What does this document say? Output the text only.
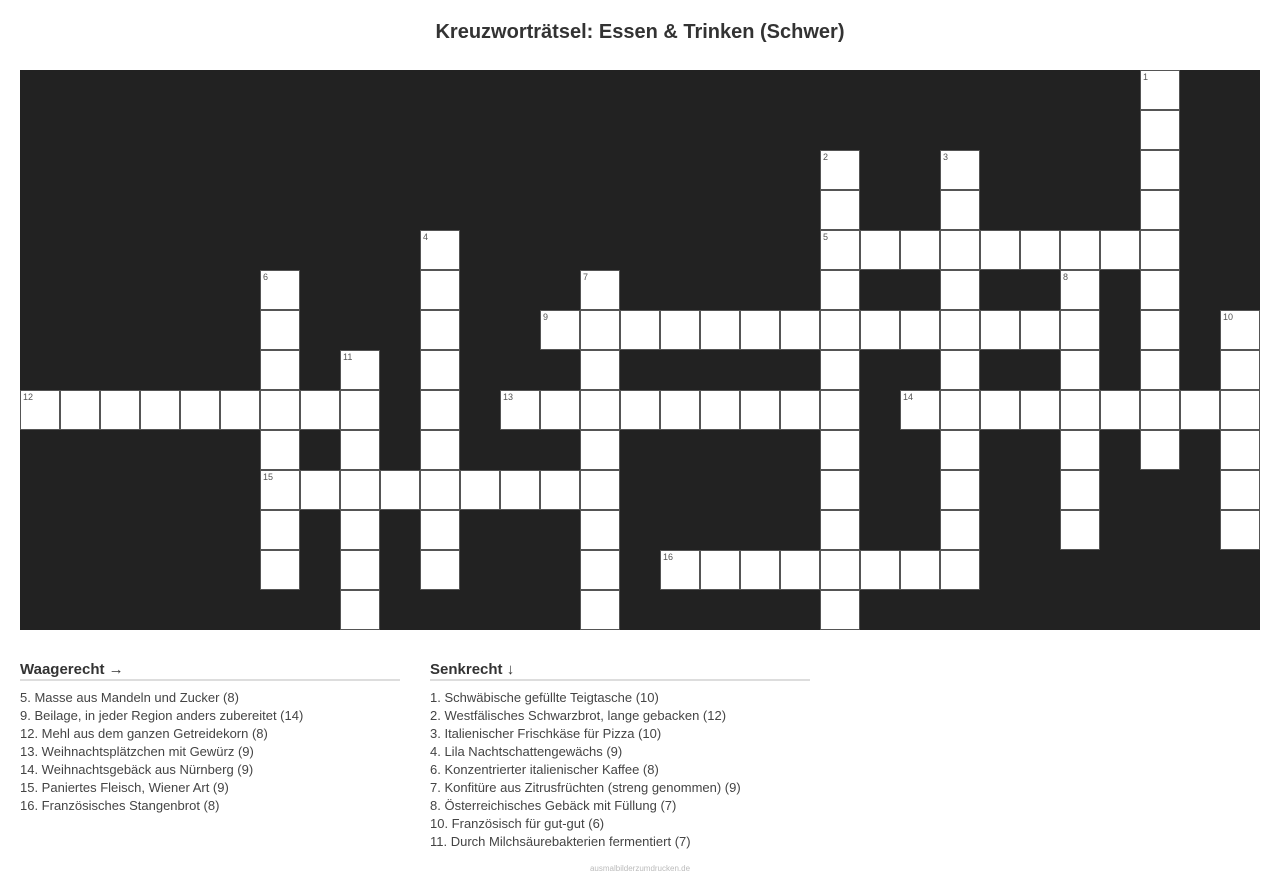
Kreuzworträtsel: Essen & Trinken (Schwer)
1
2
5
3
4
6
15
7	8
9	10
11
12	13	14
16
Waagerecht →
5. Masse aus Mandeln und Zucker (8)
9. Beilage, in jeder Region anders zubereitet (14)
12. Mehl aus dem ganzen Getreidekorn (8)
13. Weihnachtsplätzchen mit Gewürz (9)
14. Weihnachtsgebäck aus Nürnberg (9)
15. Paniertes Fleisch, Wiener Art (9)
16. Französisches Stangenbrot (8)
Senkrecht ↓
1. Schwäbische gefüllte Teigtasche (10)
2. Westfälisches Schwarzbrot, lange gebacken (12)
3. Italienischer Frischkäse für Pizza (10)
4. Lila Nachtschattengewächs (9)
6. Konzentrierter italienischer Kaffee (8)
7. Konfitüre aus Zitrusfrüchten (streng genommen) (9)
8. Österreichisches Gebäck mit Füllung (7)
10. Französisch für gut-gut (6)
11. Durch Milchsäurebakterien fermentiert (7)
ausmalbilderzumdrucken.de
